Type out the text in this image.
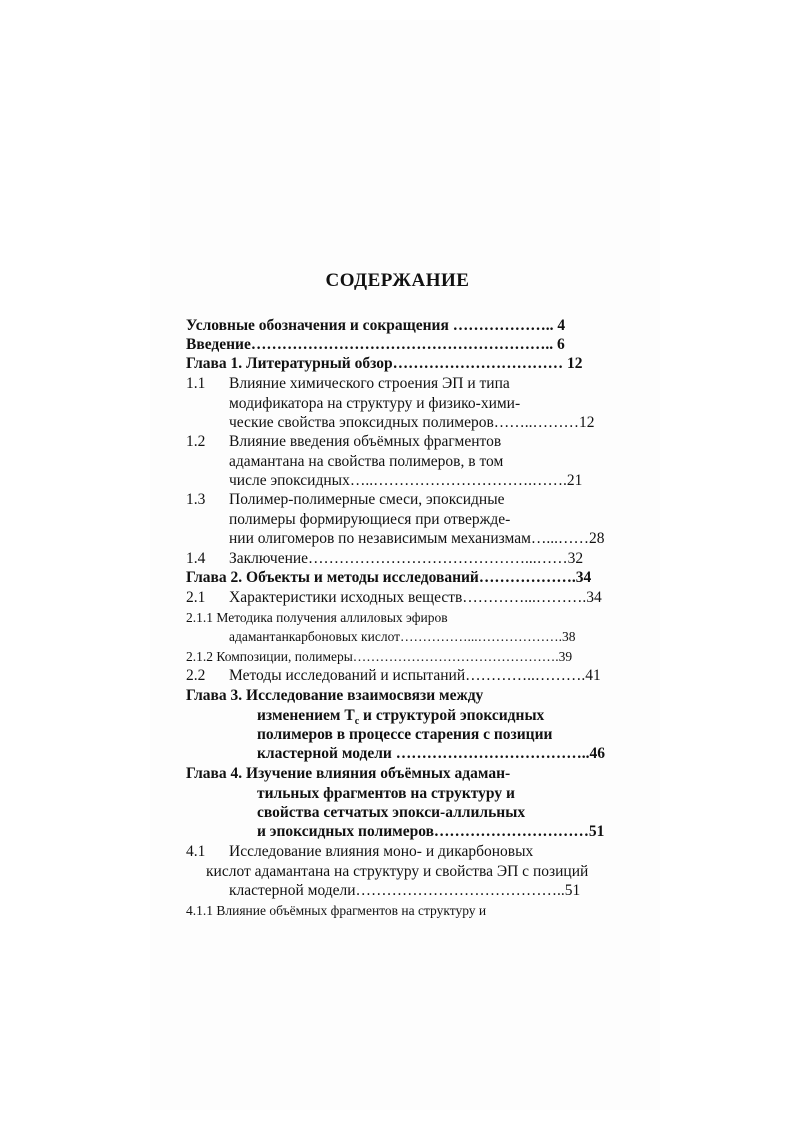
СОДЕРЖАНИЕ
Условные обозначения и сокращения ……………….. 4
Введение………………………………………………….. 6
Глава 1. Литературный обзор…………………………… 12
1.1 Влияние химического строения ЭП и типа
модификатора на структуру и физико-хими-
ческие свойства эпоксидных полимеров……..………12
1.2 Влияние введения объёмных фрагментов
адамантана на свойства полимеров, в том
числе эпоксидных…..………………………….…….21
1.3 Полимер-полимерные смеси, эпоксидные
полимеры формирующиеся при отвержде-
нии олигомеров по независимым механизмам…...……28
1.4 Заключение……………………………………...……32
Глава 2. Объекты и методы исследований……………….34
2.1 Характеристики исходных веществ…………...……….34
2.1.1 Методика получения аллиловых эфиров
адамантанкарбоновых кислот……………...……………….38
2.1.2 Композиции, полимеры……………………………………….39
2.2 Методы исследований и испытаний…………..……….41
Глава 3. Исследование взаимосвязи между
изменением $T_c$ и структурой эпоксидных
полимеров в процессе старения с позиции
кластерной модели ………………………………..46
Глава 4. Изучение влияния объёмных адаман-
тильных фрагментов на структуру и
свойства сетчатых эпокси-аллильных
и эпоксидных полимеров…………………………51
4.1 Исследование влияния моно- и дикарбоновых
кислот адамантана на структуру и свойства ЭП с позиций
кластерной модели…………………………………..51
4.1.1 Влияние объёмных фрагментов на структуру и
